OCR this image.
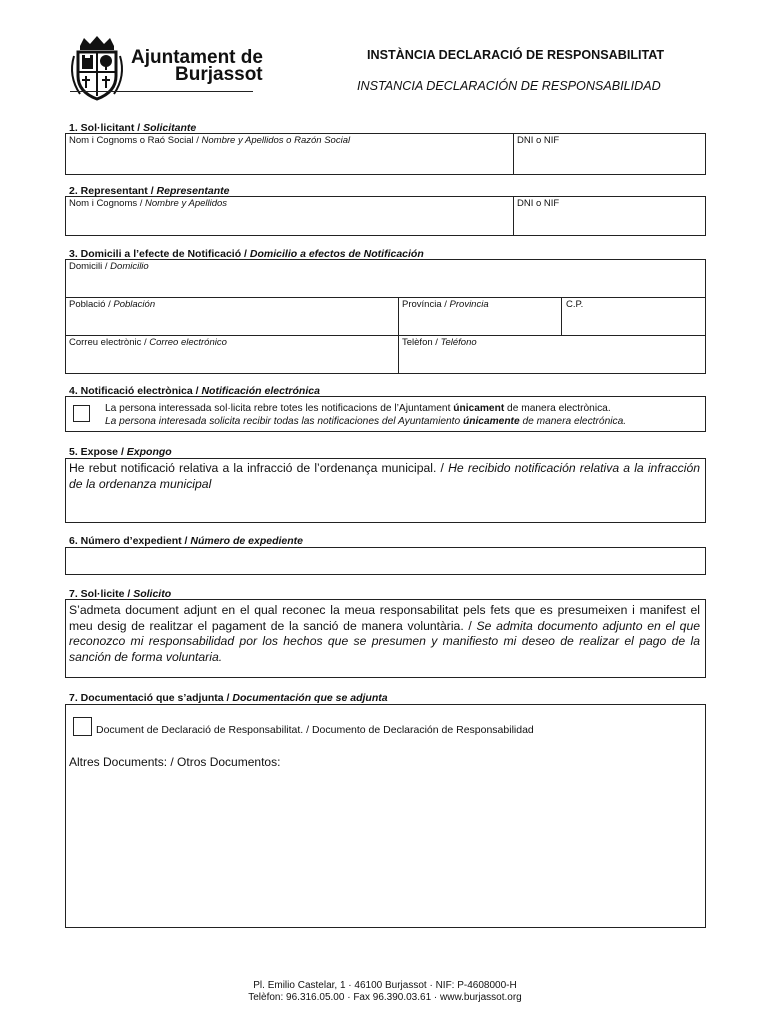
Ajuntament de
Burjassot
INSTÀNCIA DECLARACIÓ DE RESPONSABILITAT
INSTANCIA DECLARACIÓN DE RESPONSABILIDAD
1. Sol·licitant / Solicitante
Nom i Cognoms o Raó Social / Nombre y Apellidos o Razón Social	DNI o NIF
2. Representant / Representante
Nom i Cognoms / Nombre y Apellidos	DNI o NIF
3. Domicili a l’efecte de Notificació / Domicilio a efectos de Notificación
Domicili / Domicilio
Població / Población	Província / Provincia	C.P.
Correu electrònic / Correo electrónico	Telèfon / Teléfono
4. Notificació electrònica / Notificación electrónica
La persona interessada sol·licita rebre totes les notificacions de l’Ajuntament únicament de manera electrònica.
La persona interesada solicita recibir todas las notificaciones del Ayuntamiento únicamente de manera electrónica.
5. Expose / Expongo
He rebut notificació relativa a la infracció de l’ordenança municipal. / He recibido notificación relativa a la infracción de la ordenanza municipal
6. Número d’expedient / Número de expediente
7. Sol·licite / Solicito
S’admeta document adjunt en el qual reconec la meua responsabilitat pels fets que es presumeixen i manifest el meu desig de realitzar el pagament de la sanció de manera voluntària. / Se admita documento adjunto en el que reconozco mi responsabilidad por los hechos que se presumen y manifiesto mi deseo de realizar el pago de la sanción de forma voluntaria.
7. Documentació que s’adjunta / Documentación que se adjunta
Document de Declaració de Responsabilitat. / Documento de Declaración de Responsabilidad
Altres Documents: / Otros Documentos:
Pl. Emilio Castelar, 1 · 46100 Burjassot · NIF: P-4608000-H
Telèfon: 96.316.05.00 · Fax 96.390.03.61 · www.burjassot.org
